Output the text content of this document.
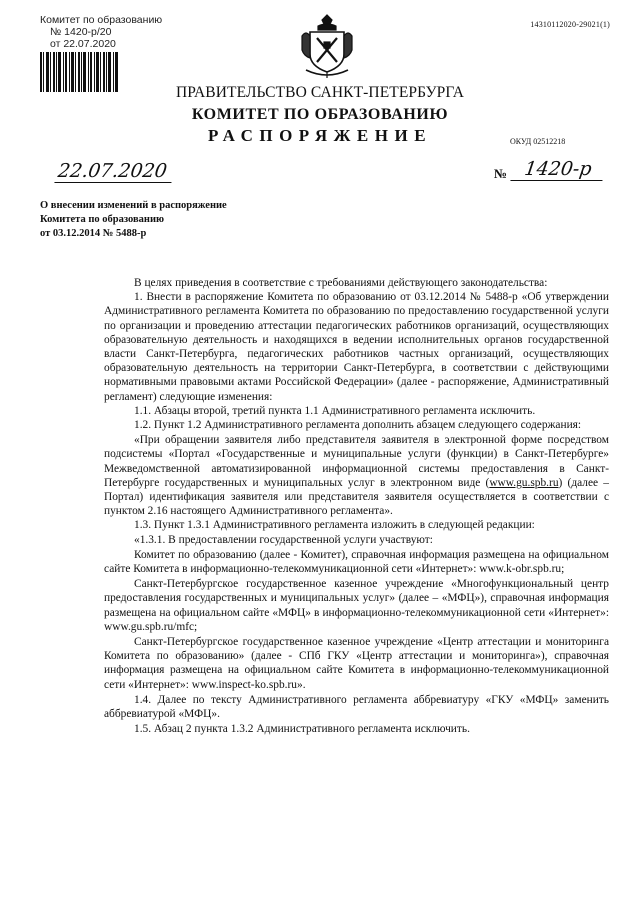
Комитет по образованию
№ 1420-р/20
от 22.07.2020
14310112020-29021(1)
ПРАВИТЕЛЬСТВО САНКТ-ПЕТЕРБУРГА
КОМИТЕТ ПО ОБРАЗОВАНИЮ
РАСПОРЯЖЕНИЕ	ОКУД 02512218
22.07.2020	№ 1420-р
О внесении изменений в распоряжение
Комитета по образованию
от 03.12.2014 № 5488-р

В целях приведения в соответствие с требованиями действующего законодательства:

1. Внести в распоряжение Комитета по образованию от 03.12.2014 № 5488-р «Об утверждении Административного регламента Комитета по образованию по предоставлению государственной услуги по организации и проведению аттестации педагогических работников организаций, осуществляющих образовательную деятельность и находящихся в ведении исполнительных органов государственной власти Санкт-Петербурга, педагогических работников частных организаций, осуществляющих образовательную деятельность на территории Санкт-Петербурга, в соответствии с действующими нормативными правовыми актами Российской Федерации» (далее - распоряжение, Административный регламент) следующие изменения:

1.1. Абзацы второй, третий пункта 1.1 Административного регламента исключить.

1.2. Пункт 1.2 Административного регламента дополнить абзацем следующего содержания:

«При обращении заявителя либо представителя заявителя в электронной форме посредством подсистемы «Портал «Государственные и муниципальные услуги (функции) в Санкт-Петербурге» Межведомственной автоматизированной информационной системы предоставления в Санкт-Петербурге государственных и муниципальных услуг в электронном виде (www.gu.spb.ru) (далее – Портал) идентификация заявителя или представителя заявителя осуществляется в соответствии с пунктом 2.16 настоящего Административного регламента».

1.3. Пункт 1.3.1 Административного регламента изложить в следующей редакции:

«1.3.1. В предоставлении государственной услуги участвуют:

Комитет по образованию (далее - Комитет), справочная информация размещена на официальном сайте Комитета в информационно-телекоммуникационной сети «Интернет»: www.k-obr.spb.ru;

Санкт-Петербургское государственное казенное учреждение «Многофункциональный центр предоставления государственных и муниципальных услуг» (далее – «МФЦ»), справочная информация размещена на официальном сайте «МФЦ» в информационно-телекоммуникационной сети «Интернет»: www.gu.spb.ru/mfc;

Санкт-Петербургское государственное казенное учреждение «Центр аттестации и мониторинга Комитета по образованию» (далее - СПб ГКУ «Центр аттестации и мониторинга»), справочная информация размещена на официальном сайте Комитета в информационно-телекоммуникационной сети «Интернет»: www.inspect-ko.spb.ru».

1.4. Далее по тексту Административного регламента аббревиатуру «ГКУ «МФЦ» заменить аббревиатурой «МФЦ».

1.5. Абзац 2 пункта 1.3.2 Административного регламента исключить.
